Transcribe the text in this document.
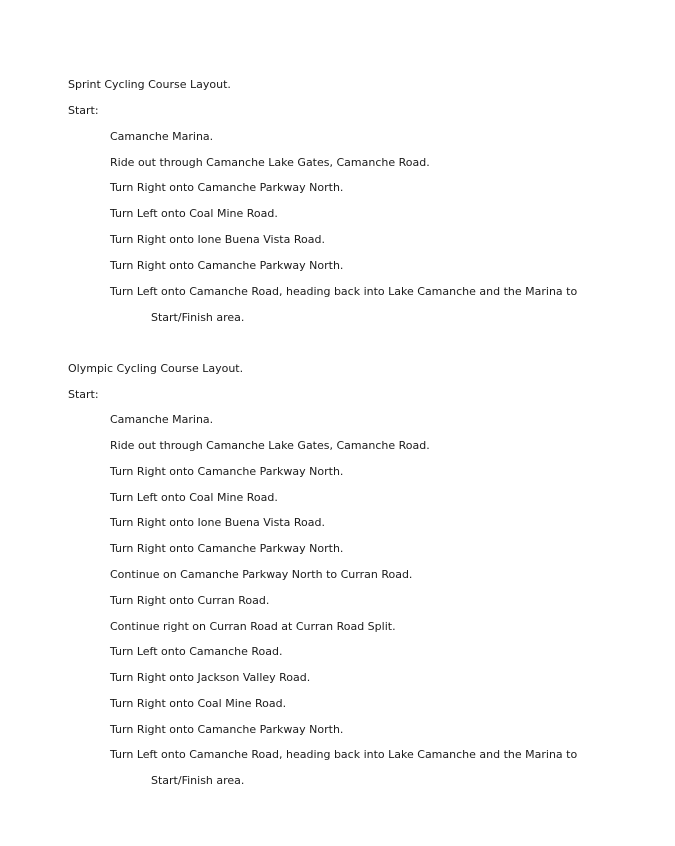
Sprint Cycling Course Layout.
Start:
Camanche Marina.
Ride out through Camanche Lake Gates, Camanche Road.
Turn Right onto Camanche Parkway North.
Turn Left onto Coal Mine Road.
Turn Right onto Ione Buena Vista Road.
Turn Right onto Camanche Parkway North.
Turn Left onto Camanche Road, heading back into Lake Camanche and the Marina to
Start/Finish area.
Olympic Cycling Course Layout.
Start:
Camanche Marina.
Ride out through Camanche Lake Gates, Camanche Road.
Turn Right onto Camanche Parkway North.
Turn Left onto Coal Mine Road.
Turn Right onto Ione Buena Vista Road.
Turn Right onto Camanche Parkway North.
Continue on Camanche Parkway North to Curran Road.
Turn Right onto Curran Road.
Continue right on Curran Road at Curran Road Split.
Turn Left onto Camanche Road.
Turn Right onto Jackson Valley Road.
Turn Right onto Coal Mine Road.
Turn Right onto Camanche Parkway North.
Turn Left onto Camanche Road, heading back into Lake Camanche and the Marina to
Start/Finish area.
